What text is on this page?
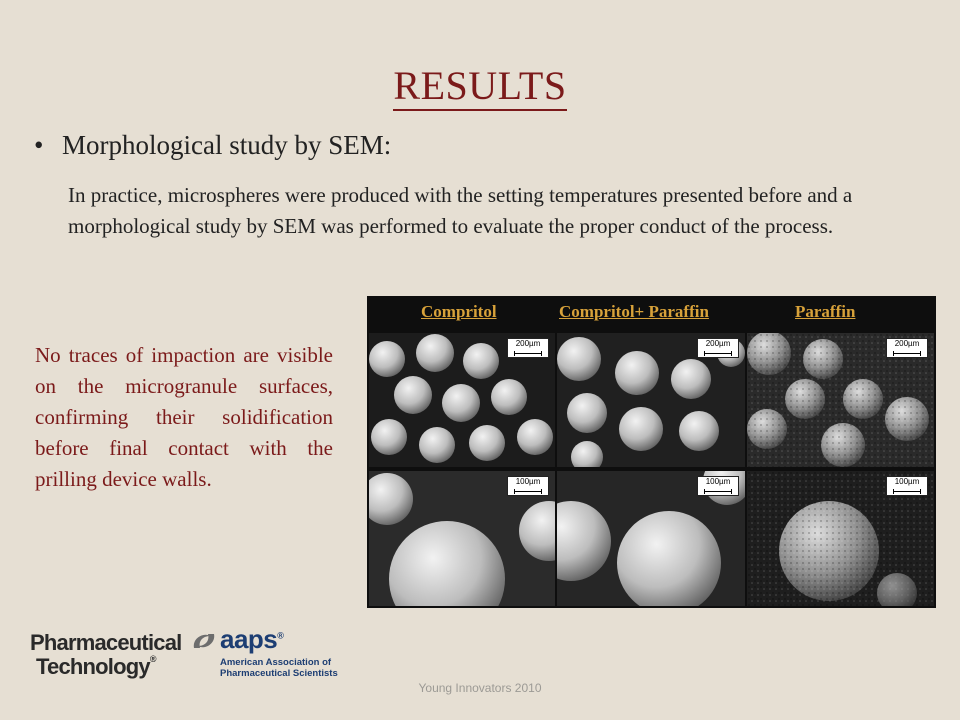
RESULTS
• Morphological study by SEM:
In practice, microspheres were produced with the setting temperatures presented before and a morphological study by SEM was performed to evaluate the proper conduct of the process.
No traces of impaction are visible on the microgranule surfaces, confirming their solidification before final contact with the prilling device walls.
Compritol	Compritol+ Paraffin	Paraffin
200µm	200µm	200µm
100µm	100µm	100µm
Pharmaceutical
Technology®
aaps®
American Association of
Pharmaceutical Scientists
Young Innovators 2010
